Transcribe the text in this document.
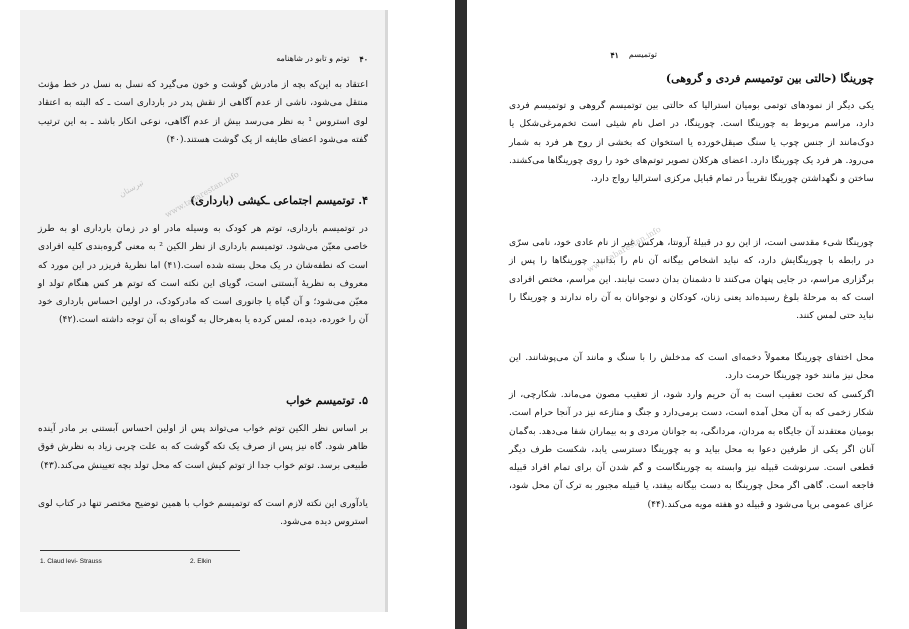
۴۰
توتم و تابو در شاهنامه

اعتقاد به این‌که بچه از مادرش گوشت و خون می‌گیرد که نسل به نسل در خط مؤنث منتقل می‌شود، ناشی از عدم آگاهی از نقش پدر در بارداری است ـ که البته به اعتقاد لوی استروس ¹ به نظر می‌رسد بیش از عدم آگاهی، نوعی انکار باشد ـ به این ترتیب گفته می‌شود اعضای طایفه از یک گوشت هستند.(۴۰)

۴. توتمیسم اجتماعی ـکیشی (بارداری)

در توتمیسم بارداری، توتم هر کودک به وسیله مادر او در زمان بارداری او به طرز خاصی معیّن می‌شود. توتمیسم بارداری از نظر الکین ² به معنی گروه‌بندی کلیه افرادی است که نطفه‌شان در یک محل بسته شده است.(۴۱) اما نظریهٔ فریزر در این مورد که معروف به نظریهٔ آبستنی است، گویای این نکته است که توتم هر کس هنگام تولد او معیّن می‌شود؛ و آن گیاه یا جانوری است که مادرکودک، در اولین احساس بارداری خود آن را خورده، دیده، لمس کرده یا به‌هرحال به گونه‌ای به آن توجه داشته است.(۴۲)

۵. توتمیسم خواب

بر اساس نظر الکین توتم خواب می‌تواند پس از اولین احساس آبستنی بر مادر آینده ظاهر شود. گاه نیز پس از صرف یک تکه گوشت که به علت چربی زیاد به نظرش فوق طبیعی برسد. توتم خواب جدا از توتم کیش است که محل تولد بچه تعیینش می‌کند.(۴۳)

یادآوری این نکته لازم است که توتمیسم خواب با همین توضیح مختصر تنها در کتاب لوی استروس دیده می‌شود.

1. Claud levi- Strauss	2. Elkin
تبرستان www.tabarestan.info
توتمیسم
۴۱
چورینگا (حالتی بین توتمیسم فردی و گروهی)

یکی دیگر از نمودهای توتمی بومیان استرالیا که حالتی بین توتمیسم گروهی و توتمیسم فردی دارد، مراسم مربوط به چورینگا است. چورینگا، در اصل نام شیئی است تخم‌مرغی‌شکل یا دوک‌مانند از جنس چوب یا سنگ صیقل‌خورده یا استخوان که بخشی از روح هر فرد به شمار می‌رود. هر فرد یک چورینگا دارد. اعضای هرکلان تصویر توتم‌های خود را روی چورینگاها می‌کشند. ساختن و نگهداشتن چورینگا تقریباً در تمام قبایل مرکزی استرالیا رواج دارد.

چورینگا شیء مقدسی است، از این رو در قبیلهٔ آرونتا، هرکس غیر از نام عادی خود، نامی سرّی در رابطه با چورینگایش دارد، که نباید اشخاص بیگانه آن نام را بدانند. چورینگاها را پس از برگزاری مراسم، در جایی پنهان می‌کنند تا دشمنان بدان دست نیابند. این مراسم، مختص افرادی است که به مرحلهٔ بلوغ رسیده‌اند یعنی زنان، کودکان و نوجوانان به آن راه ندارند و چورینگا را نباید حتی لمس کنند.

محل اختفای چورینگا معمولاً دخمه‌ای است که مدخلش را با سنگ و مانند آن می‌پوشانند. این محل نیز مانند خود چورینگا حرمت دارد.

اگرکسی که تحت تعقیب است به آن حریم وارد شود، از تعقیب مصون می‌ماند. شکارچی، از شکار زخمی که به آن محل آمده است، دست برمی‌دارد و جنگ و منازعه نیز در آنجا حرام است. بومیان معتقدند آن جایگاه به مردان، مردانگی، به جوانان مردی و به بیماران شفا می‌دهد. به‌گمان آنان اگر یکی از طرفین دعوا به محل بیاید و به چورینگا دسترسی یابد، شکست طرف دیگر قطعی است. سرنوشت قبیله نیز وابسته به چورینگاست و گم شدن آن برای تمام افراد قبیله فاجعه است. گاهی اگر محل چورینگا به دست بیگانه بیفتد، یا قبیله مجبور به ترک آن محل شود، عزای عمومی برپا می‌شود و قبیله دو هفته مویه می‌کند.(۴۴)

www.tabarestan.info
